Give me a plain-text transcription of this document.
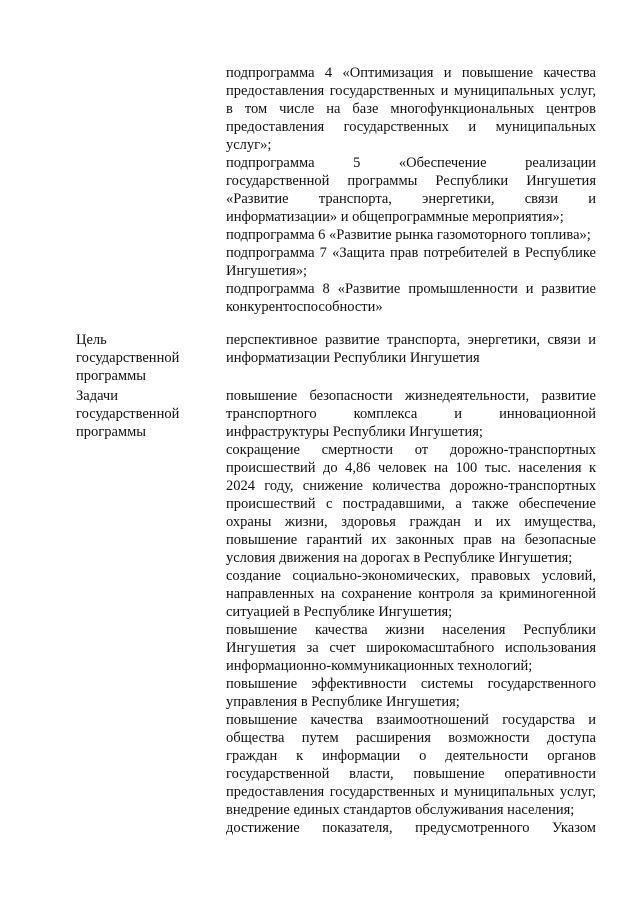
подпрограмма 4 «Оптимизация и повышение качества предоставления государственных и муниципальных услуг, в том числе на базе многофункциональных центров предоставления государственных и муниципальных услуг»;

подпрограмма 5 «Обеспечение реализации государственной программы Республики Ингушетия «Развитие транспорта, энергетики, связи и информатизации» и общепрограммные мероприятия»;

подпрограмма 6 «Развитие рынка газомоторного топлива»;

подпрограмма 7 «Защита прав потребителей в Республике Ингушетия»;

подпрограмма 8 «Развитие промышленности и развитие конкурентоспособности»

Цель государственной программы

перспективное развитие транспорта, энергетики, связи и информатизации Республики Ингушетия

Задачи государственной программы

повышение безопасности жизнедеятельности, развитие транспортного комплекса и инновационной инфраструктуры Республики Ингушетия;

сокращение смертности от дорожно-транспортных происшествий до 4,86 человек на 100 тыс. населения к 2024 году, снижение количества дорожно-транспортных происшествий с пострадавшими, а также обеспечение охраны жизни, здоровья граждан и их имущества, повышение гарантий их законных прав на безопасные условия движения на дорогах в Республике Ингушетия;

создание социально-экономических, правовых условий, направленных на сохранение контроля за криминогенной ситуацией в Республике Ингушетия;

повышение качества жизни населения Республики Ингушетия за счет широкомасштабного использования информационно-коммуникационных технологий;

повышение эффективности системы государственного управления в Республике Ингушетия;

повышение качества взаимоотношений государства и общества путем расширения возможности доступа граждан к информации о деятельности органов государственной власти, повышение оперативности предоставления государственных и муниципальных услуг, внедрение единых стандартов обслуживания населения;

достижение показателя, предусмотренного Указом
